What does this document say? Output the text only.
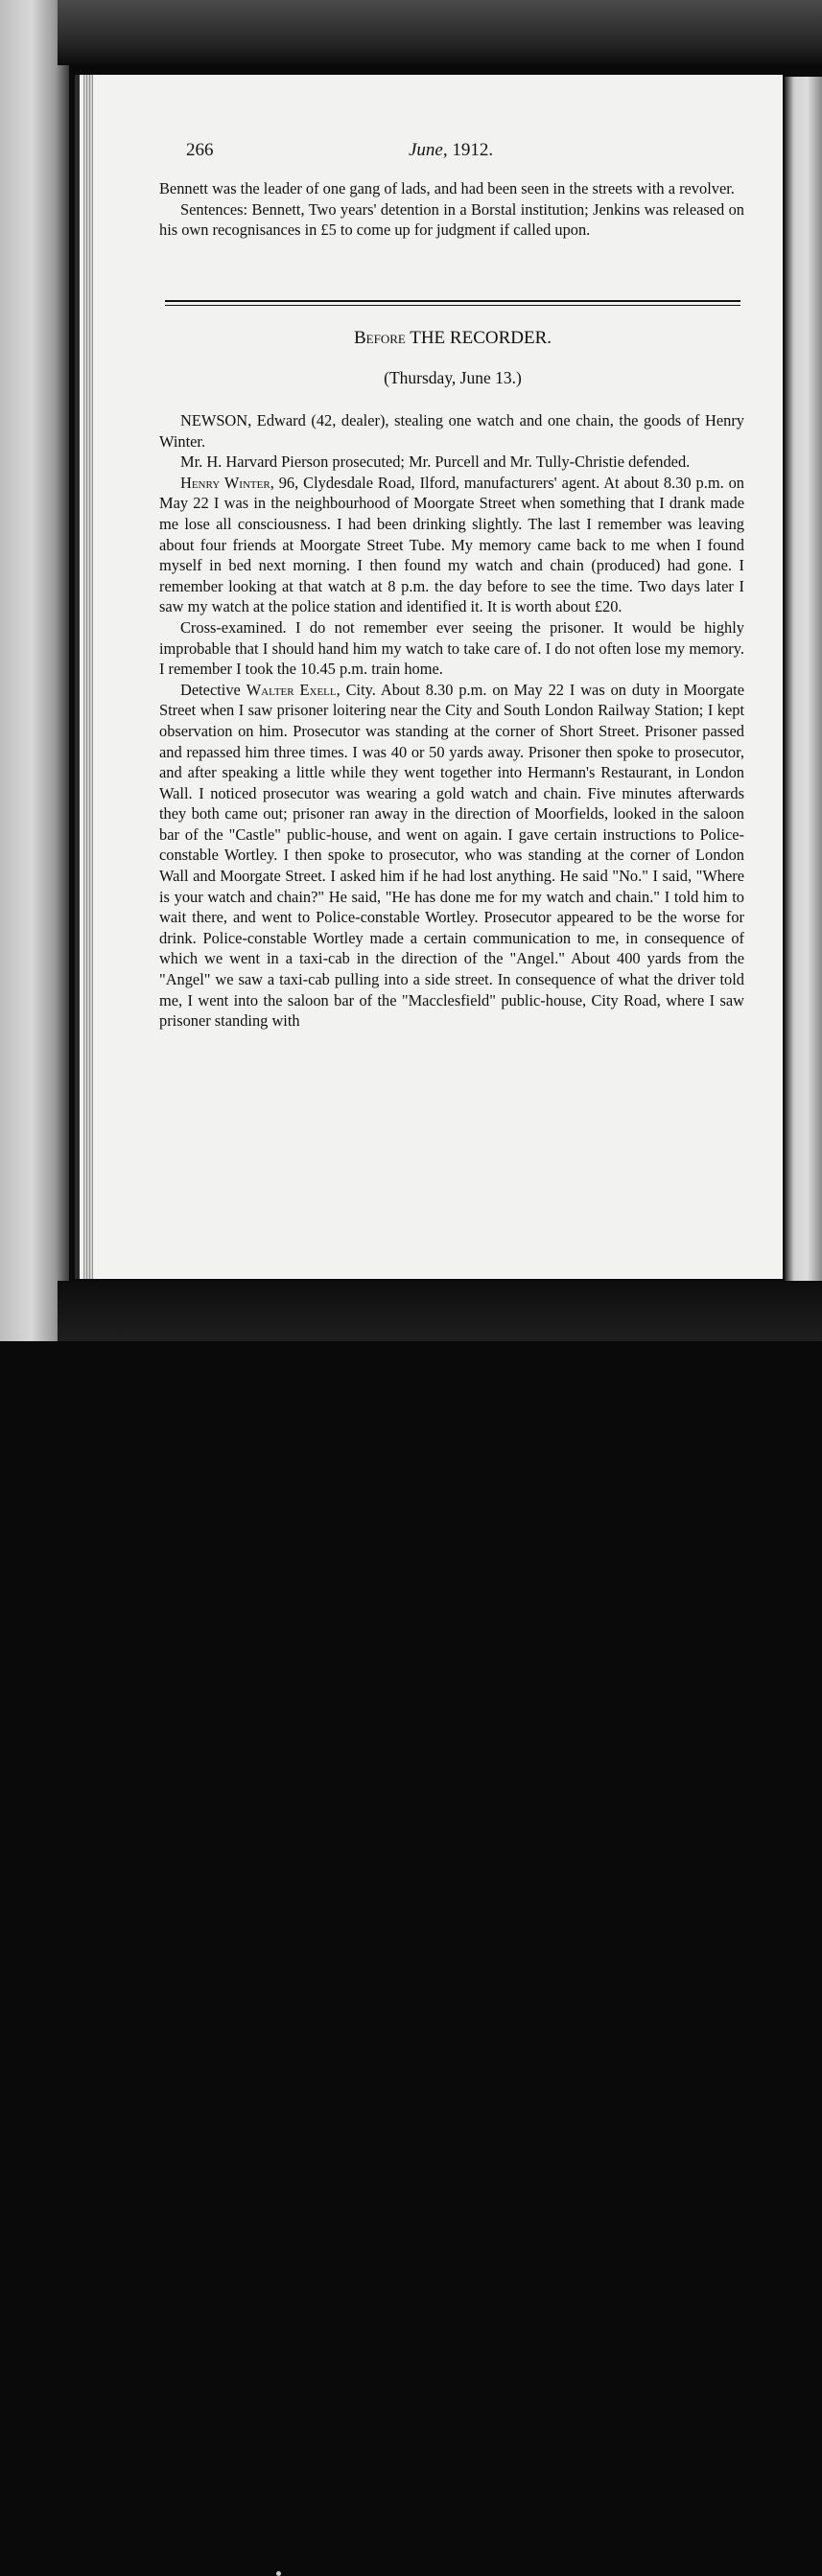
266	June, 1912.

Bennett was the leader of one gang of lads, and had been seen in the streets with a revolver.

Sentences: Bennett, Two years' detention in a Borstal institution; Jenkins was released on his own recognisances in £5 to come up for judgment if called upon.

Before THE RECORDER.
(Thursday, June 13.)

NEWSON, Edward (42, dealer), stealing one watch and one chain, the goods of Henry Winter.

Mr. H. Harvard Pierson prosecuted; Mr. Purcell and Mr. Tully-Christie defended.

Henry Winter, 96, Clydesdale Road, Ilford, manufacturers' agent. At about 8.30 p.m. on May 22 I was in the neighbourhood of Moorgate Street when something that I drank made me lose all consciousness. I had been drinking slightly. The last I remember was leaving about four friends at Moorgate Street Tube. My memory came back to me when I found myself in bed next morning. I then found my watch and chain (produced) had gone. I remember looking at that watch at 8 p.m. the day before to see the time. Two days later I saw my watch at the police station and identified it. It is worth about £20.

Cross-examined. I do not remember ever seeing the prisoner. It would be highly improbable that I should hand him my watch to take care of. I do not often lose my memory. I remember I took the 10.45 p.m. train home.

Detective Walter Exell, City. About 8.30 p.m. on May 22 I was on duty in Moorgate Street when I saw prisoner loitering near the City and South London Railway Station; I kept observation on him. Prosecutor was standing at the corner of Short Street. Prisoner passed and repassed him three times. I was 40 or 50 yards away. Prisoner then spoke to prosecutor, and after speaking a little while they went together into Hermann's Restaurant, in London Wall. I noticed prosecutor was wearing a gold watch and chain. Five minutes afterwards they both came out; prisoner ran away in the direction of Moorfields, looked in the saloon bar of the "Castle" public-house, and went on again. I gave certain instructions to Police-constable Wortley. I then spoke to prosecutor, who was standing at the corner of London Wall and Moorgate Street. I asked him if he had lost anything. He said "No." I said, "Where is your watch and chain?" He said, "He has done me for my watch and chain." I told him to wait there, and went to Police-constable Wortley. Prosecutor appeared to be the worse for drink. Police-constable Wortley made a certain communication to me, in consequence of which we went in a taxi-cab in the direction of the "Angel." About 400 yards from the "Angel" we saw a taxi-cab pulling into a side street. In consequence of what the driver told me, I went into the saloon bar of the "Macclesfield" public-house, City Road, where I saw prisoner standing with
